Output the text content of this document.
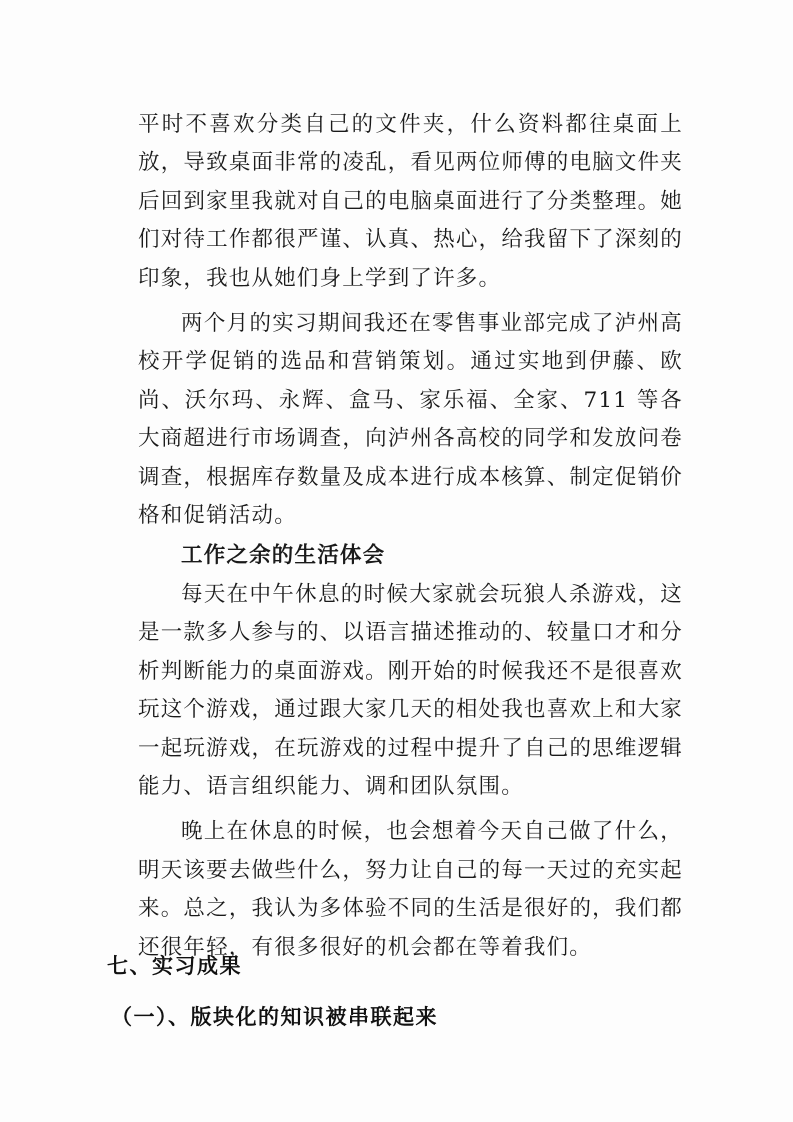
平时不喜欢分类自己的文件夹，什么资料都往桌面上放，导致桌面非常的凌乱，看见两位师傅的电脑文件夹后回到家里我就对自己的电脑桌面进行了分类整理。她们对待工作都很严谨、认真、热心，给我留下了深刻的印象，我也从她们身上学到了许多。

两个月的实习期间我还在零售事业部完成了泸州高校开学促销的选品和营销策划。通过实地到伊藤、欧尚、沃尔玛、永辉、盒马、家乐福、全家、711 等各大商超进行市场调查，向泸州各高校的同学和发放问卷调查，根据库存数量及成本进行成本核算、制定促销价格和促销活动。

工作之余的生活体会

每天在中午休息的时候大家就会玩狼人杀游戏，这是一款多人参与的、以语言描述推动的、较量口才和分析判断能力的桌面游戏。刚开始的时候我还不是很喜欢玩这个游戏，通过跟大家几天的相处我也喜欢上和大家一起玩游戏，在玩游戏的过程中提升了自己的思维逻辑能力、语言组织能力、调和团队氛围。

晚上在休息的时候，也会想着今天自己做了什么，明天该要去做些什么，努力让自己的每一天过的充实起来。总之，我认为多体验不同的生活是很好的，我们都还很年轻，有很多很好的机会都在等着我们。

七、实习成果
（一）、版块化的知识被串联起来
